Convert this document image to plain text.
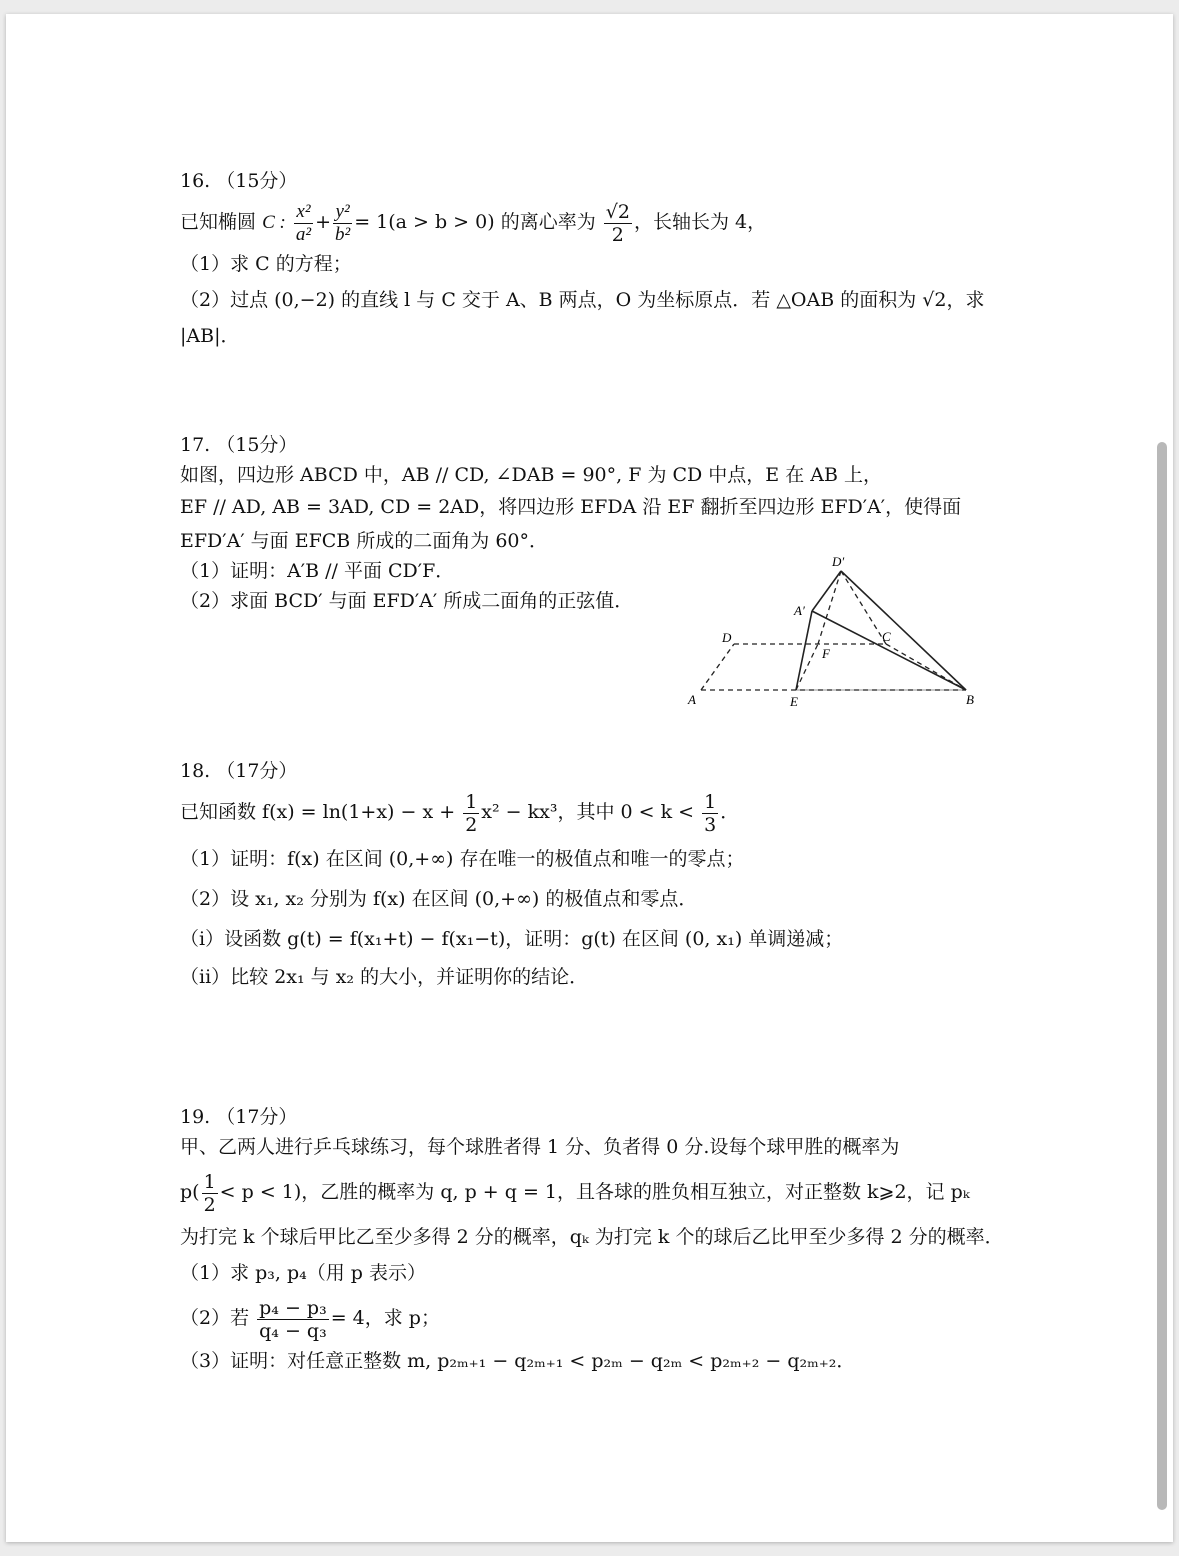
16. （15分）
已知椭圆 C : $\frac{\text{x²}}{\text{a²}} + \frac{\text{y²}}{\text{b²}} = 1(a > b > 0)$ 的离心率为 $\frac{√2}{2}$ ，长轴长为 4，
（1）求 C 的方程；
（2）过点 (0,−2) 的直线 l 与 C 交于 A、B 两点，O 为坐标原点．若 △OAB 的面积为 √2，求
|AB|．
17. （15分）
如图，四边形 ABCD 中，AB // CD, ∠DAB = 90°, F 为 CD 中点，E 在 AB 上，
EF // AD, AB = 3AD, CD = 2AD，将四边形 EFDA 沿 EF 翻折至四边形 EFD′A′，使得面
EFD′A′ 与面 EFCB 所成的二面角为 60°．
（1）证明：A′B // 平面 CD′F．
（2）求面 BCD′ 与面 EFD′A′ 所成二面角的正弦值．
D′
A′
D	C
F
A	E	B
18. （17分）
已知函数 $f(x) = \ln(1+x) - x + \frac{1}{2} x^2 - kx^3$，其中 $0 < k < \frac{1}{3}$ ．
（1）证明：f(x) 在区间 (0,+∞) 存在唯一的极值点和唯一的零点；
（2）设 x₁, x₂ 分别为 f(x) 在区间 (0,+∞) 的极值点和零点．
（i）设函数 g(t) = f(x₁+t) − f(x₁−t)，证明：g(t) 在区间 (0, x₁) 单调递减；
（ii）比较 2x₁ 与 x₂ 的大小，并证明你的结论．
19. （17分）
甲、乙两人进行乒乓球练习，每个球胜者得 1 分、负者得 0 分.设每个球甲胜的概率为
$p( \frac{1}{2} < p < 1)$，乙胜的概率为 q, p + q = 1，且各球的胜负相互独立，对正整数 k⩾2，记 pₖ
为打完 k 个球后甲比乙至少多得 2 分的概率，qₖ 为打完 k 个的球后乙比甲至少多得 2 分的概率．
（1）求 p₃, p₄（用 p 表示）
（2）若 $\frac{\text{p₄ − p₃}}{\text{q₄ − q₃}} = 4$，求 p；
（3）证明：对任意正整数 m, p₂ₘ₊₁ − q₂ₘ₊₁ < p₂ₘ − q₂ₘ < p₂ₘ₊₂ − q₂ₘ₊₂．
